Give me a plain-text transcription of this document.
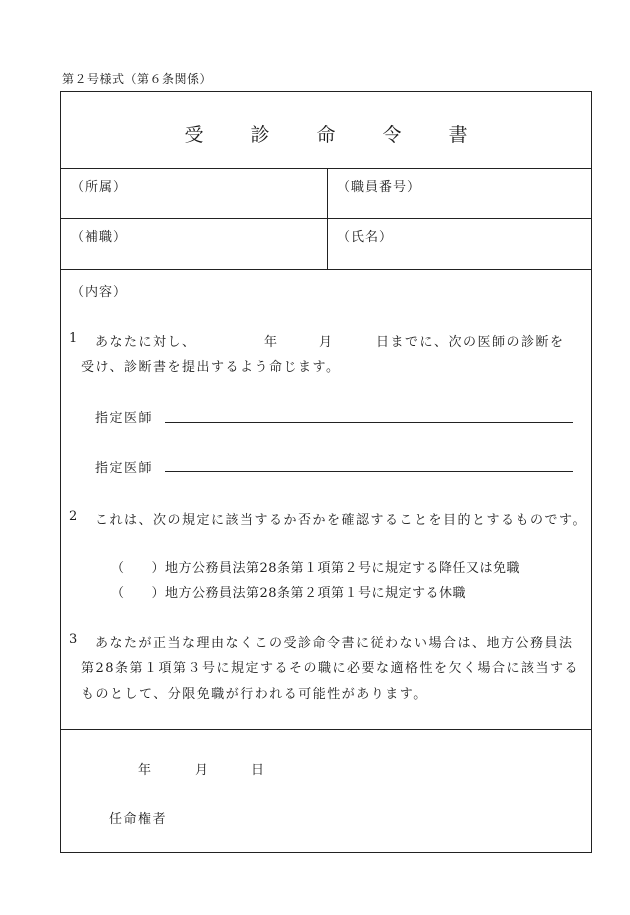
第２号様式（第６条関係）
受　診　命　令　書
（所属）	（職員番号）
（補職）	（氏名）
（内容）
1 あなたに対し、	年	月	日までに、次の医師の診断を
受け、診断書を提出するよう命じます。
指定医師
指定医師
2 これは、次の規定に該当するか否かを確認することを目的とするものです。
（　　）地方公務員法第28条第１項第２号に規定する降任又は免職
（　　）地方公務員法第28条第２項第１号に規定する休職
3 あなたが正当な理由なくこの受診命令書に従わない場合は、地方公務員法
第28条第１項第３号に規定するその職に必要な適格性を欠く場合に該当する
ものとして、分限免職が行われる可能性があります。
年	月	日
任命権者
